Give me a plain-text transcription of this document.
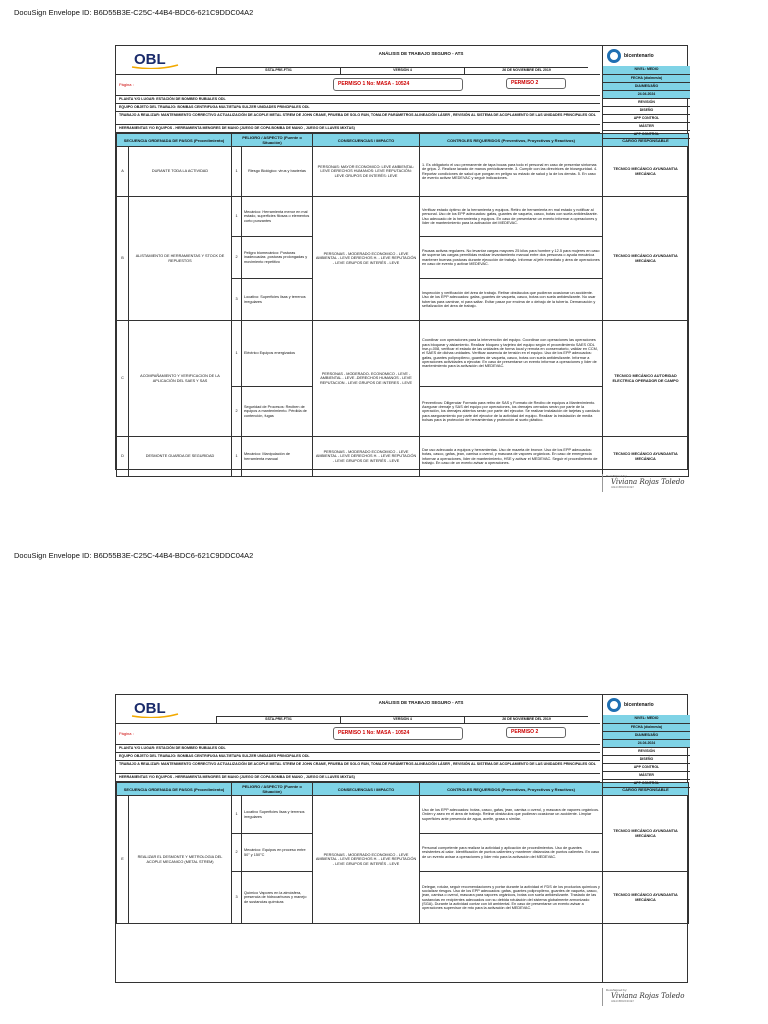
DocuSign Envelope ID: B6D55B3E-C25C-44B4-BDC6-621C9DDC04A2
DocuSign Envelope ID: B6D55B3E-C25C-44B4-BDC6-621C9DDC04A2
bicentenario
NIVEL: MEDIO
FECHA (día/mes/a)
DIA/MES/AÑO
24.04.2024
REVISIÓN
DISEÑO
APP CONTROL
MÁSTER
APP CONTROL
OBL	ANÁLISIS DE TRABAJO SEGURO - ATS
SSTA-PRE-FT01	VERSIÓN 4	26 DE NOVIEMBRE DEL 2019
Página :	PERMISO 1 No: MASA - 10524	PERMISO 2
PLANTA Y/O LUGAR: ESTACIÓN DE BOMBEO RUBIALES ODL
EQUIPO OBJETO DEL TRABAJO: BOMBAS CENTRIFUGA MULTIETAPA SULZER UNIDADES PRINCIPALES ODL
TRABAJO A REALIZAR: MANTENIMIENTO CORRECTIVO ACTUALIZACIÓN DE ACOPLE METAL STREM DE JOHN CRANE, PRUEBA DE SOLO RUN, TOMA DE PARÁMETROS ALINEACIÓN LÁSER , REVISIÓN AL SISTEMA DE ACOPLAMIENTO DE LAS UNIDADES PRINCIPALES ODL
HERRAMIENTAS Y/O EQUIPOS - HERRAMIENTA MENORES DE MANO (JUEGO DE COPA BOMBA DE MANO , JUEGO DE LLAVES MIXTAS)
SECUENCIA ORDENADA DE PASOS (Procedimiento)		PELIGRO / ASPECTO (Fuente o Situación)		CONSECUENCIAS / IMPACTO	CONTROLES REQUERIDOS (Preventivos, Proyectivos y Reactivos)	CARGO RESPONSABLE
A	DURANTE TODA LA ACTIVIDAD	1	Riesgo Biológico: virus y bacterias	PERSONAS: MAYOR ECONOMICO: LEVE AMBIENTAL: LEVE DERECHOS HUMANOS: LEVE REPUTACIÓN: LEVE GRUPOS DE INTERÉS: LEVE	1. Es obligatorio el uso permanente de tapa bocas para todo el personal en caso de presentar síntomas de gripa. 2. Realizar lavado de manos periódicamente. 3. Cumplir con las directrices de bioseguridad. 4. Reportar condiciones de salud que pongan en peligro su estado de salud y la de los demás. 5. En caso de evento activar MEDEVAC y seguir indicaciones.	TECNICO MECÁNICO AYUNDANTIA MECÁNICA
B	ALISTAMIENTO DE HERRAMIENTAS Y STOCK DE REPUESTOS	1	Mecánico: Herramienta menor en mal estado, superficies filosas o elementos corto punzantes	PERSONAS - MODERADO ECONOMICO - LEVE AMBIENTAL - LEVE DERECHOS H. - LEVE REPUTACIÓN - LEVE GRUPOS DE INTERÉS - LEVE	Verificar estado óptimo de la herramienta y equipos. Retiro de herramienta en mal estado y notificar al personal. Uso de los EPP adecuados: gafas, guantes de vaqueta, casco, botas con suela antideslizante. Uso adecuado de la herramienta y equipos. En caso de presentarse un evento informar a operaciones y líder de mantenimiento para la activación del MEDEVAC.	TECNICO MECÁNICO AYUNDANTIA MECÁNICA
		2	Peligro biomecánico: Posturas inadecuadas ,posturas prolongadas y movimiento repetitivo		Pausas activas regulares. No levantar cargas mayores 25 kilos para hombre y 12.5 para mujeres en caso de superar las cargas permitidas realizar levantamiento manual entre dos personas o ayuda mecánica mantener buenas posturas durante ejecución de trabajo. Informar al jefe inmediato y área de operaciones en caso de evento y activar MEDEVAC.	
		3	Locativo: Superficies lisas y terrenos irregulares		Inspección y verificación del área de trabajo. Retirar obstáculos que pudieran ocasionar un accidente. Uso de los EPP adecuados: gafas, guantes de vaqueta, casco, botas con suela antideslizante. No usar tuberías para caminar, ni para saltar. Evitar pasar por encima de o debajo de la tubería. Demarcación y señalización del área de trabajo.	
C	ACOMPAÑAMIENTO Y VERIFICACION DE LA APLICACIÓN DEL SAES Y SAS	1	Eléctrico Equipos energizados	PERSONAS - MODERADO- ECONOMICO - LEVE - AMBIENTAL - LEVE -DERECHOS HUMANOS - LEVE REPUTACION - LEVE GRUPOS DE INTERES - LEVE	Coordinar con operaciones para la intervención del equipo. Coordinar con operaciones las operaciones para bloquear y aislamiento. Realizar bloqueo y tarjeteo del equipo según el procedimiento SAES ODL hse-p-008, verificar el estado de las unidades de forma local y remota en conservatorio, validar en CCM, el SAES de dichas unidades. Verificar ausencia de tensión en el equipo. Uso de los EPP adecuados: gafas, guantes polipropileno, guantes de vaqueta, casco, botas con suela antideslizante. Informar a operaciones actividades a ejecutar. En caso de presentarse un evento informar a operaciones y líder de mantenimiento para la activación del MEDEVAC.	TECNICO MECÁNICO AUTORIDAD ELECTRICA OPERADOR DE CAMPO
		2	Seguridad de Procesos: Reciben de equipos a mantenimiento. Pérdida de contención, fugas		Preventivos: Diligenciar Formato para retiro de SAS y Formato de Recibo de equipos a Mantenimiento. Asegurar drenaje y SAS del equipo por operaciones, los drenajes cerrados serán por parte de la operación, los drenajes abiertos serán por parte del ejecutor. Se realizar instalación de tarjetas y candado para aseguramiento por parte del ejecutor de la actividad del equipo. Realizar la instalación de media bolsas para la protección de herramientas y protección al suelo plástico.	
D	DESMONTE GUARDA DE SEGURIDAD	1	Mecánico: Manipulación de herramienta manual	PERSONAS - MODERADO ECONOMICO - LEVE AMBIENTAL - LEVE DERECHOS H. - LEVE REPUTACIÓN - LEVE GRUPOS DE INTERÉS - LEVE	Dar uso adecuado a equipos y herramientas. Uso de mazeta de bronce. Uso de los EPP adecuados: botas, casco, gafas, jean, camisa o overol, y mascara de vapores orgánicos. En caso de emergencia informar a operaciones, líder de mantenimiento, HSE y activar el MEDEVAC. Seguir el procedimiento de trabajo. En caso de un evento avisar a operaciones.	TECNICO MECÁNICO AYUNDANTIA MECÁNICA
DocuSigned by:
Viviana Rojas Toledo
A6E1C8B92F4D4E7
bicentenario
NIVEL: MEDIO
FECHA (día/mes/a)
DIA/MES/AÑO
24.04.2024
REVISIÓN
DISEÑO
APP CONTROL
MÁSTER
APP CONTROL
OBL	ANÁLISIS DE TRABAJO SEGURO - ATS
SSTA-PRE-FT01	VERSIÓN 4	26 DE NOVIEMBRE DEL 2019
Página :	PERMISO 1 No: MASA - 10524	PERMISO 2
PLANTA Y/O LUGAR: ESTACIÓN DE BOMBEO RUBIALES ODL
EQUIPO OBJETO DEL TRABAJO: BOMBAS CENTRIFUGA MULTIETAPA SULZER UNIDADES PRINCIPALES ODL
TRABAJO A REALIZAR: MANTENIMIENTO CORRECTIVO ACTUALIZACIÓN DE ACOPLE METAL STREM DE JOHN CRANE, PRUEBA DE SOLO RUN, TOMA DE PARÁMETROS ALINEACIÓN LÁSER , REVISIÓN AL SISTEMA DE ACOPLAMIENTO DE LAS UNIDADES PRINCIPALES ODL
HERRAMIENTAS Y/O EQUIPOS - HERRAMIENTA MENORES DE MANO (JUEGO DE COPA BOMBA DE MANO , JUEGO DE LLAVES MIXTAS)
SECUENCIA ORDENADA DE PASOS (Procedimiento)		PELIGRO / ASPECTO (Fuente o Situación)		CONSECUENCIAS / IMPACTO	CONTROLES REQUERIDOS (Preventivos, Proyectivos y Reactivos)	CARGO RESPONSABLE
E	REALIZAR EL DESMONTE Y METROLOGIA DEL ACOPLE MECANICO (METAL STREM)	1	Locativo Superficies lisas y terrenos irregulares	PERSONAS - MODERADO ECONOMICO - LEVE AMBIENTAL - LEVE DERECHOS H. - LEVE REPUTACIÓN - LEVE GRUPOS DE INTERÉS - LEVE	Uso de los EPP adecuados: botas, casco, gafas, jean, camisa o overol, y mascara de vapores orgánicos. Orden y aseo en el área de trabajo. Retirar obstáculos que pudieran ocasionar un accidente. Limpiar superficies ante presencia de agua, aceite, grasa o similar.	TECNICO MECÁNICO AYUNDANTIA MECÁNICA
		2	Mecánico: Equipos en proceso entre 50° y 150°C		Personal competente para realizar la actividad y aplicación de procedimientos. Uso de guantes resistentes al calor. Identificación de puntos calientes y mantener distancias de puntos calientes. En caso de un evento avisar a operaciones y líder mto para la activación del MEDEVAC.	
		3	Químico Vapores en la atmósfera, presencia de hidrocarburos y manejo de sustancias químicas		Delegar, rotular, seguir recomendaciones y portar durante la actividad el FDS de los productos químicos y socializar riesgos. Uso de los EPP adecuados: gafas, guantes polipropileno, guantes de vaqueta, casco, jean, camisa o overol, mascara para vapores orgánicos, botas con suela antideslizante. Traslado de las sustancias en recipientes adecuados con su debida rotulación del sistema globalmente armonizado (SGA). Durante la actividad contar con kit ambiental. En caso de presentarse un evento avisar a operaciones supervisor de mto para la activación del MEDEVAC.	TECNICO MECÁNICO AYUNDANTIA MECÁNICA
DocuSigned by:
Viviana Rojas Toledo
A6E1C8B92F4D4E7
